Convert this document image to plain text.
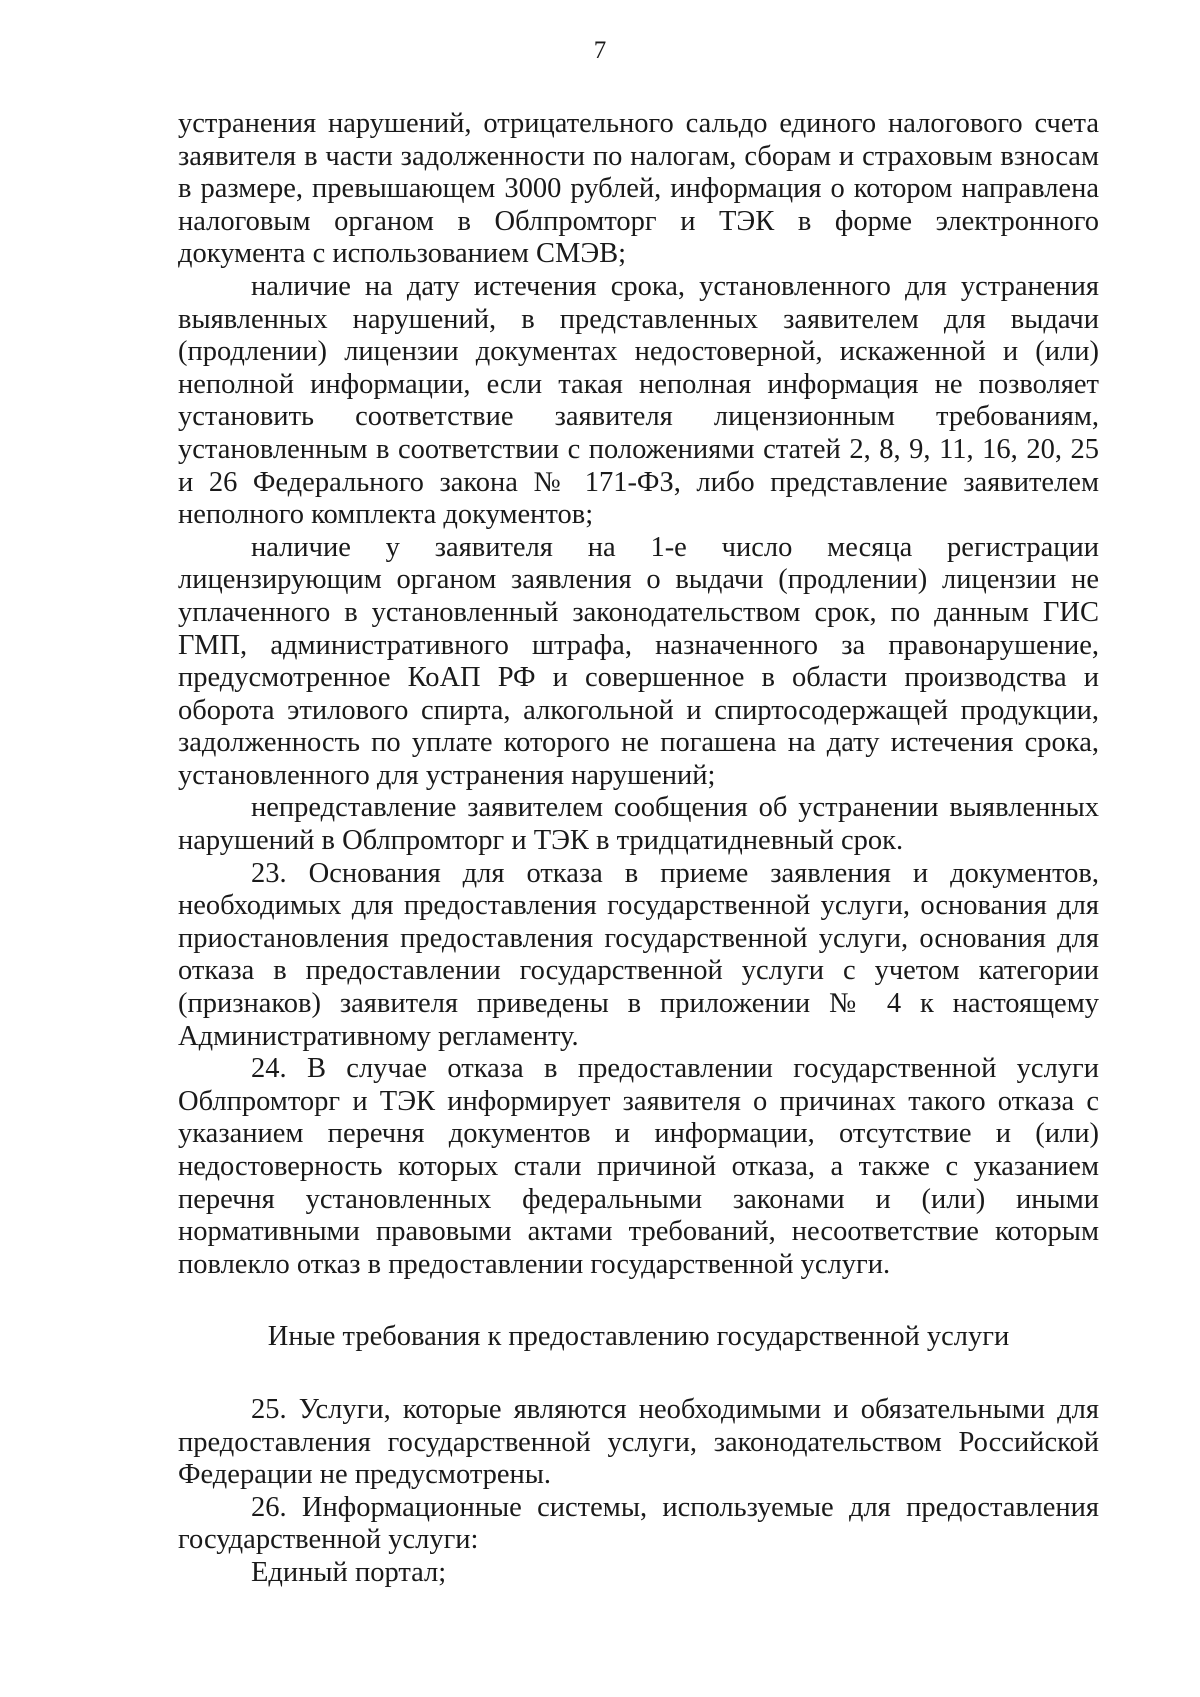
7

устранения нарушений, отрицательного сальдо единого налогового счета заявителя в части задолженности по налогам, сборам и страховым взносам в размере, превышающем 3000 рублей, информация о котором направлена налоговым органом в Облпромторг и ТЭК в форме электронного документа с использованием СМЭВ;

наличие на дату истечения срока, установленного для устранения выявленных нарушений, в представленных заявителем для выдачи (продлении) лицензии документах недостоверной, искаженной и (или) неполной информации, если такая неполная информация не позволяет установить соответствие заявителя лицензионным требованиям, установленным в соответствии с положениями статей 2, 8, 9, 11, 16, 20, 25 и 26 Федерального закона № 171-ФЗ, либо представление заявителем неполного комплекта документов;

наличие у заявителя на 1-е число месяца регистрации лицензирующим органом заявления о выдачи (продлении) лицензии не уплаченного в установленный законодательством срок, по данным ГИС ГМП, административного штрафа, назначенного за правонарушение, предусмотренное КоАП РФ и совершенное в области производства и оборота этилового спирта, алкогольной и спиртосодержащей продукции, задолженность по уплате которого не погашена на дату истечения срока, установленного для устранения нарушений;

непредставление заявителем сообщения об устранении выявленных нарушений в Облпромторг и ТЭК в тридцатидневный срок.

23. Основания для отказа в приеме заявления и документов, необходимых для предоставления государственной услуги, основания для приостановления предоставления государственной услуги, основания для отказа в предоставлении государственной услуги с учетом категории (признаков) заявителя приведены в приложении № 4 к настоящему Административному регламенту.

24. В случае отказа в предоставлении государственной услуги Облпромторг и ТЭК информирует заявителя о причинах такого отказа с указанием перечня документов и информации, отсутствие и (или) недостоверность которых стали причиной отказа, а также с указанием перечня установленных федеральными законами и (или) иными нормативными правовыми актами требований, несоответствие которым повлекло отказ в предоставлении государственной услуги.

Иные требования к предоставлению государственной услуги

25. Услуги, которые являются необходимыми и обязательными для предоставления государственной услуги, законодательством Российской Федерации не предусмотрены.

26. Информационные системы, используемые для предоставления государственной услуги:

Единый портал;
